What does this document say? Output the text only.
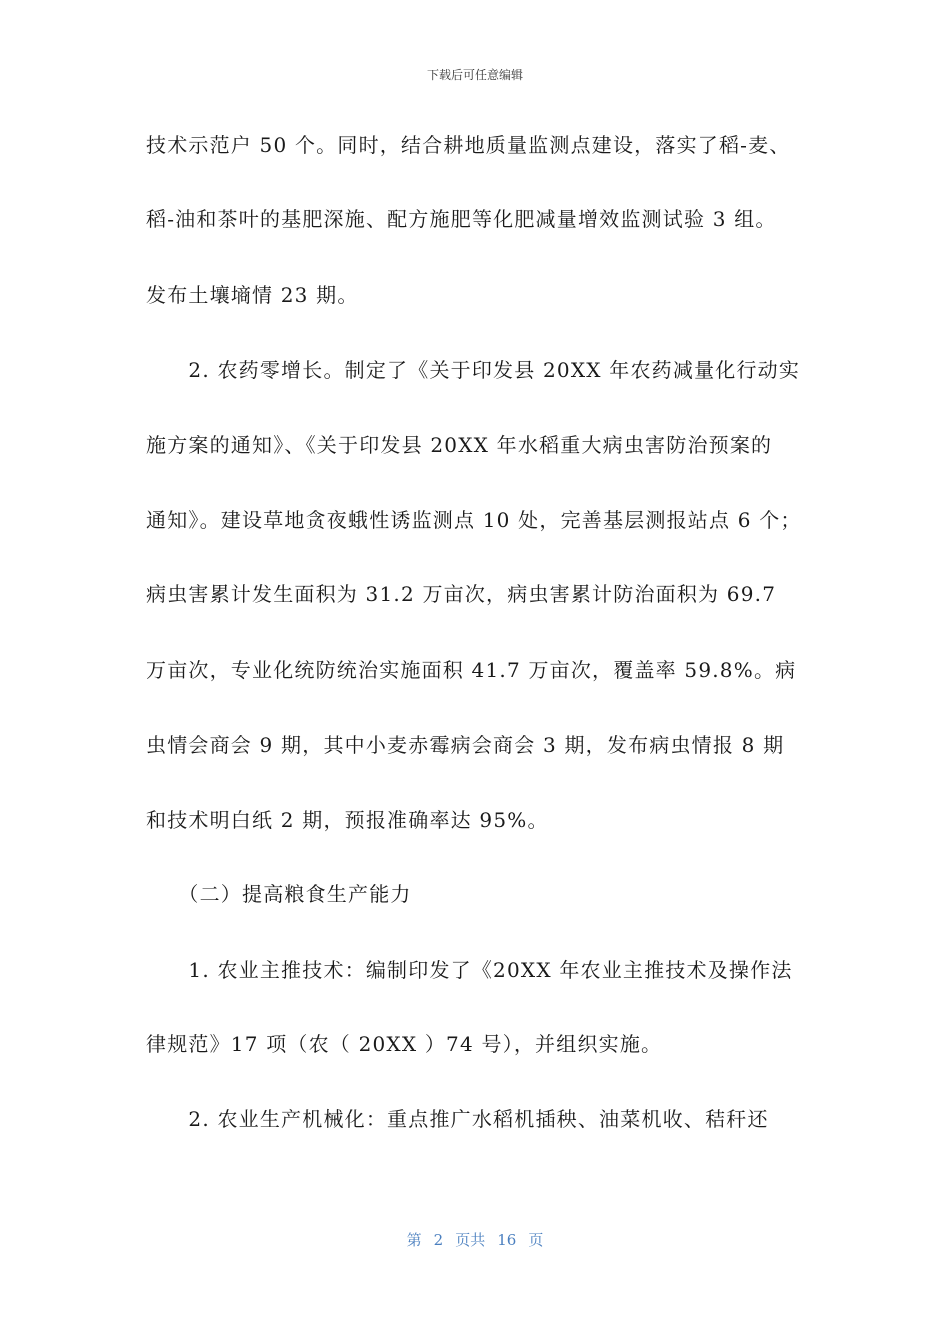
下载后可任意编辑
技术示范户 50 个。同时，结合耕地质量监测点建设，落实了稻-麦、
稻-油和茶叶的基肥深施、配方施肥等化肥减量增效监测试验 3 组。
发布土壤墒情 23 期。
　　2. 农药零增长。制定了《关于印发县 20XX 年农药减量化行动实
施方案的通知》、《关于印发县 20XX 年水稻重大病虫害防治预案的
通知》。建设草地贪夜蛾性诱监测点 10 处，完善基层测报站点 6 个；
病虫害累计发生面积为 31.2 万亩次，病虫害累计防治面积为 69.7
万亩次，专业化统防统治实施面积 41.7 万亩次，覆盖率 59.8%。病
虫情会商会 9 期，其中小麦赤霉病会商会 3 期，发布病虫情报 8 期
和技术明白纸 2 期，预报准确率达 95%。
　　（二）提高粮食生产能力
　　1. 农业主推技术：编制印发了《20XX 年农业主推技术及操作法
律规范》17 项（农（ 20XX ）74 号），并组织实施。
　　2. 农业生产机械化：重点推广水稻机插秧、油菜机收、秸秆还
第 2 页共 16 页
